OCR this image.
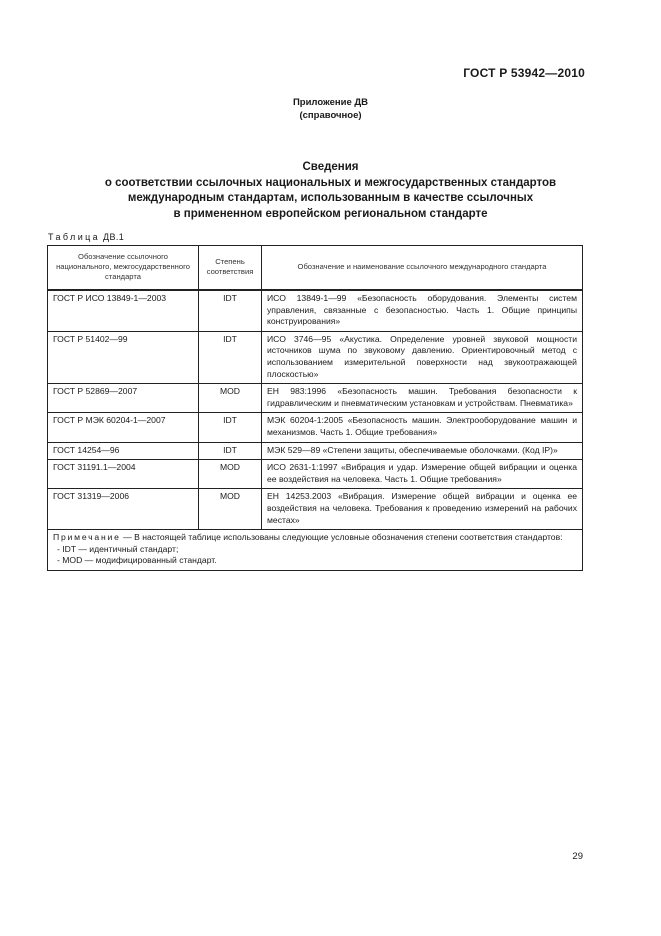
ГОСТ Р 53942—2010
Приложение ДВ
(справочное)
Сведения
о соответствии ссылочных национальных и межгосударственных стандартов
международным стандартам, использованным в качестве ссылочных
в примененном европейском региональном стандарте
Таблица ДВ.1
Обозначение ссылочного национального, межгосударственного стандарта	Степень соответствия	Обозначение и наименование ссылочного международного стандарта
ГОСТ Р ИСО 13849-1—2003	IDT	ИСО 13849-1—99 «Безопасность оборудования. Элементы систем управления, связанные с безопасностью. Часть 1. Общие принципы конструирования»
ГОСТ Р 51402—99	IDT	ИСО 3746—95 «Акустика. Определение уровней звуковой мощности источников шума по звуковому давлению. Ориентировочный метод с использованием измерительной поверхности над звукоотражающей плоскостью»
ГОСТ Р 52869—2007	MOD	ЕН 983:1996 «Безопасность машин. Требования безопасности к гидравлическим и пневматическим установкам и устройствам. Пневматика»
ГОСТ Р МЭК 60204-1—2007	IDT	МЭК 60204-1:2005 «Безопасность машин. Электрооборудование машин и механизмов. Часть 1. Общие требования»
ГОСТ 14254—96	IDT	МЭК 529—89 «Степени защиты, обеспечиваемые оболочками. (Код IP)»
ГОСТ 31191.1—2004	MOD	ИСО 2631-1:1997 «Вибрация и удар. Измерение общей вибрации и оценка ее воздействия на человека. Часть 1. Общие требования»
ГОСТ 31319—2006	MOD	ЕН 14253.2003 «Вибрация. Измерение общей вибрации и оценка ее воздействия на человека. Требования к проведению измерений на рабочих местах»

Примечание — В настоящей таблице использованы следующие условные обозначения степени соответствия стандартов:
- IDT — идентичный стандарт;
- MOD — модифицированный стандарт.		
29
